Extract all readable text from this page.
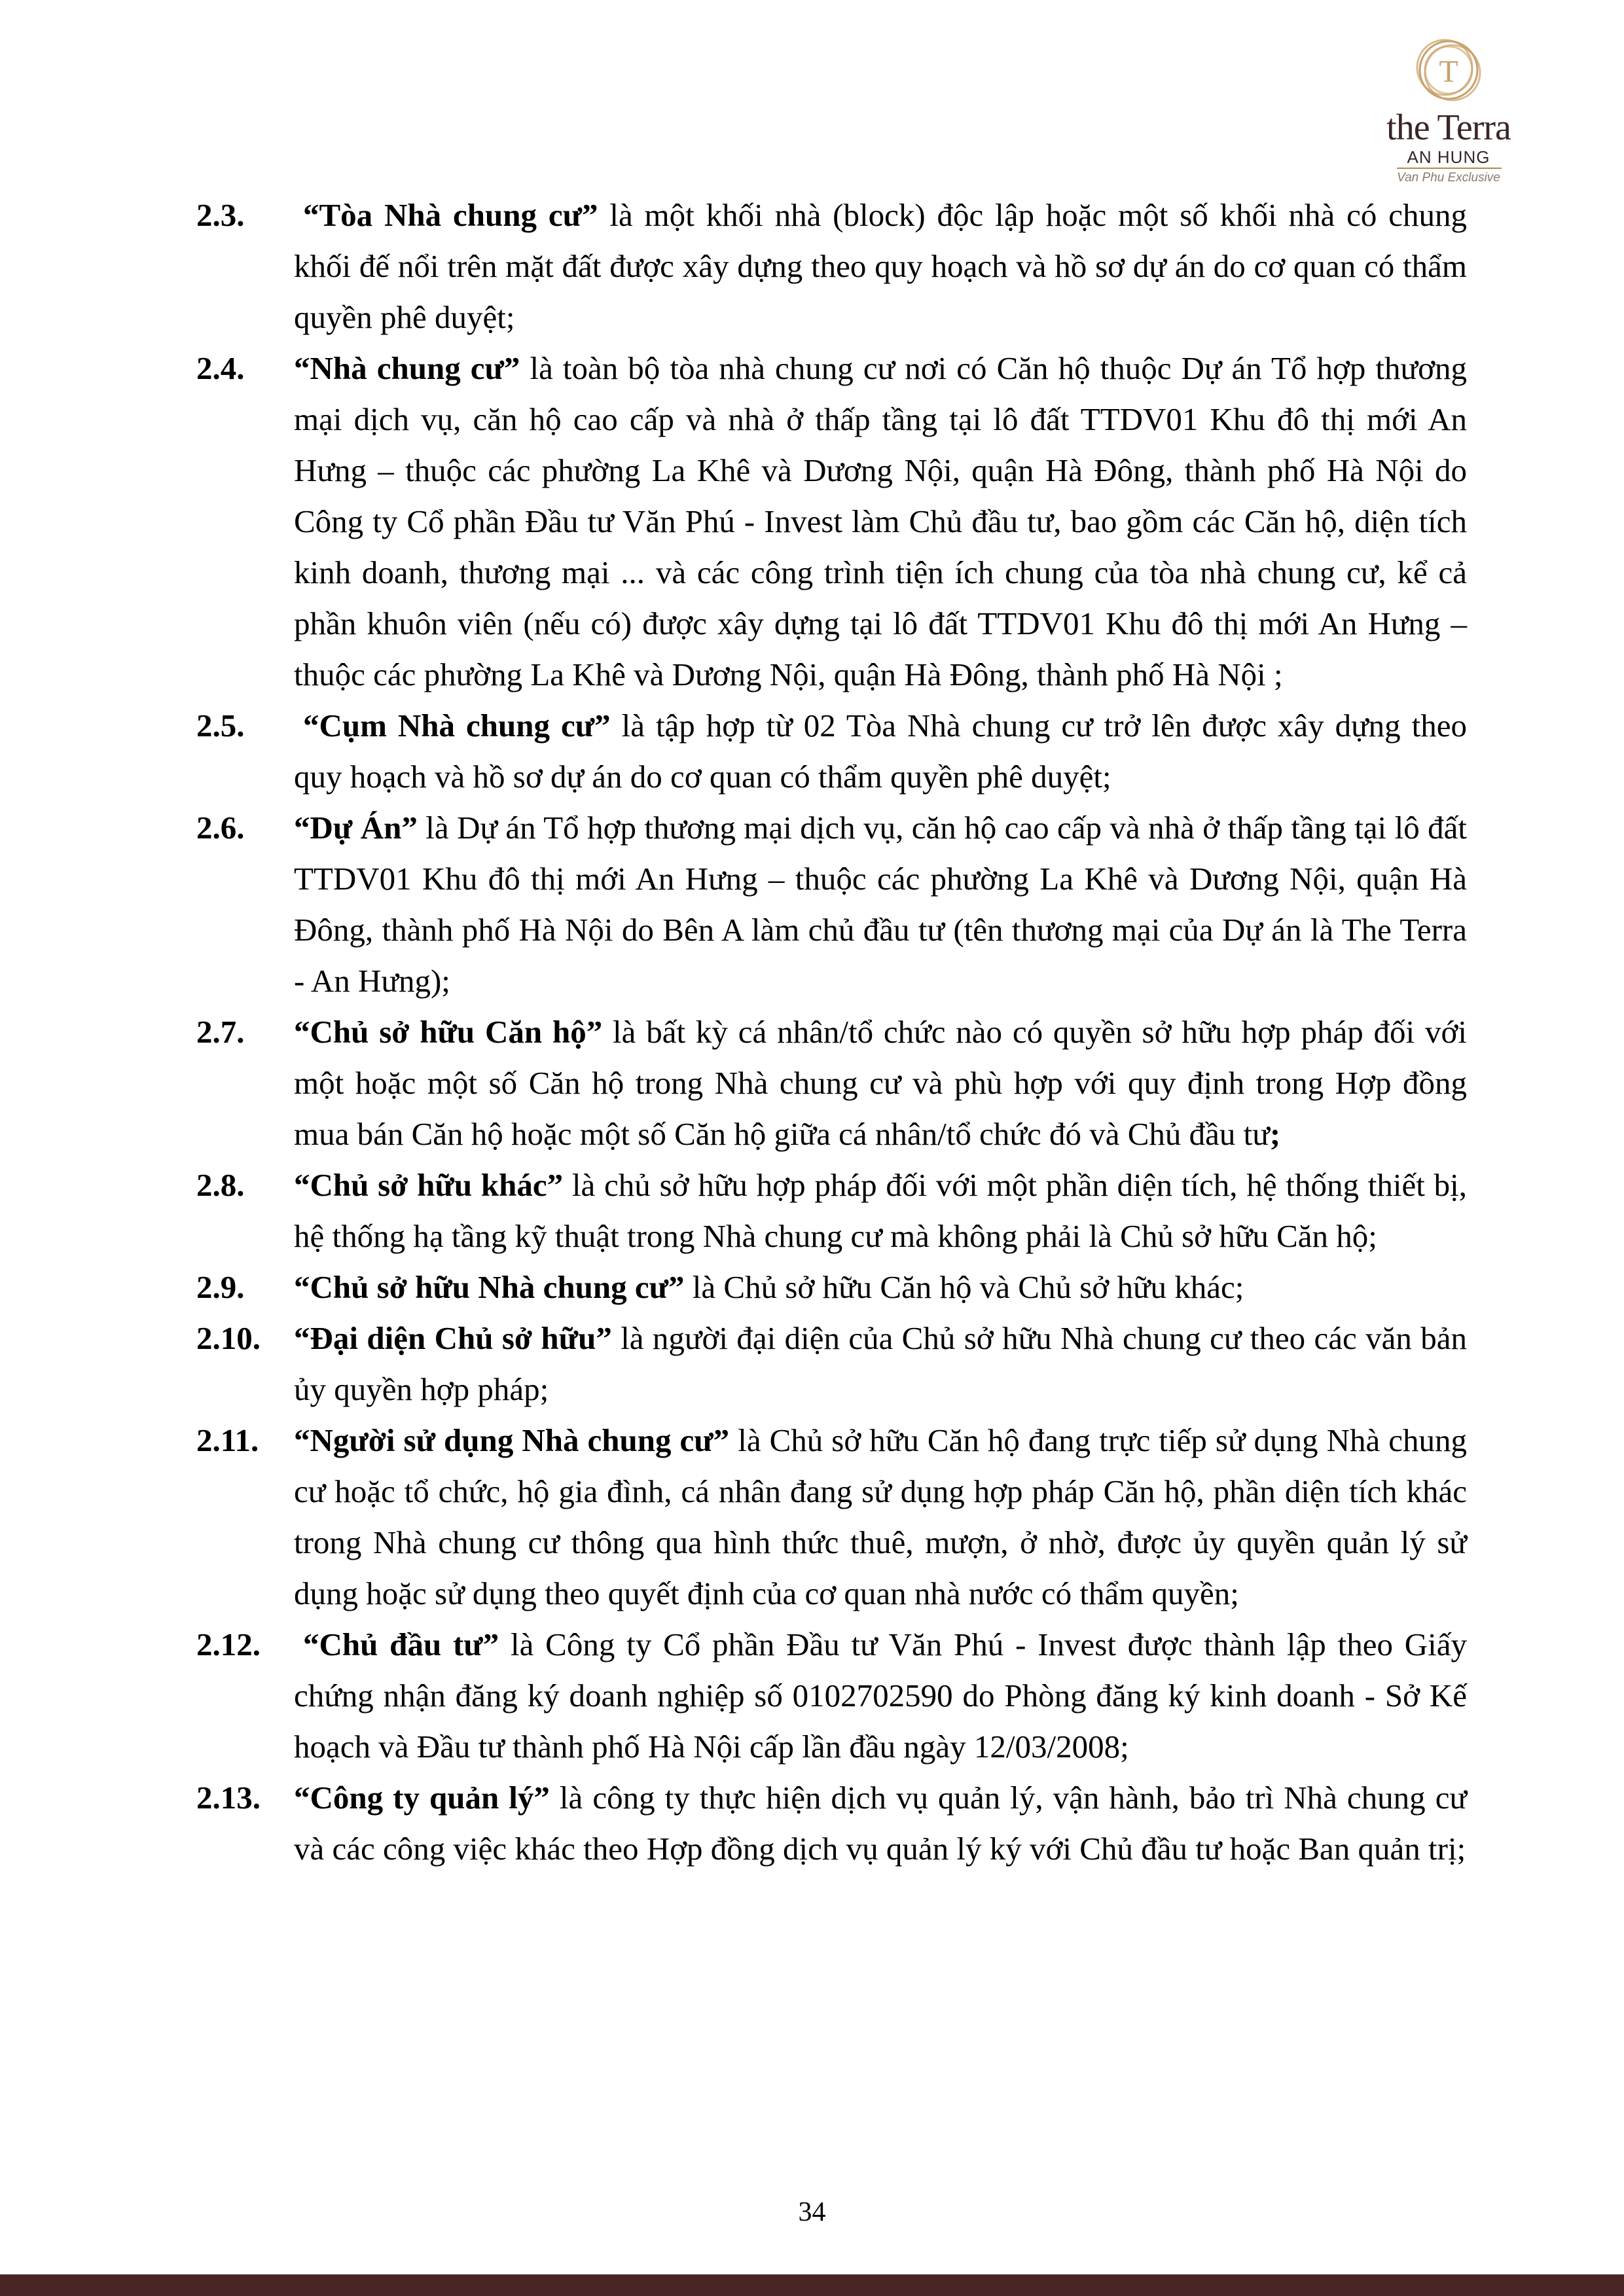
T
the Terra
AN HUNG
Van Phu Exclusive
2.3. “Tòa Nhà chung cư” là một khối nhà (block) độc lập hoặc một số khối nhà có chung khối đế nổi trên mặt đất được xây dựng theo quy hoạch và hồ sơ dự án do cơ quan có thẩm quyền phê duyệt;
2.4. “Nhà chung cư” là toàn bộ tòa nhà chung cư nơi có Căn hộ thuộc Dự án Tổ hợp thương mại dịch vụ, căn hộ cao cấp và nhà ở thấp tầng tại lô đất TTDV01 Khu đô thị mới An Hưng – thuộc các phường La Khê và Dương Nội, quận Hà Đông, thành phố Hà Nội do Công ty Cổ phần Đầu tư Văn Phú - Invest làm Chủ đầu tư, bao gồm các Căn hộ, diện tích kinh doanh, thương mại ... và các công trình tiện ích chung của tòa nhà chung cư, kể cả phần khuôn viên (nếu có) được xây dựng tại lô đất TTDV01 Khu đô thị mới An Hưng – thuộc các phường La Khê và Dương Nội, quận Hà Đông, thành phố Hà Nội ;
2.5. “Cụm Nhà chung cư” là tập hợp từ 02 Tòa Nhà chung cư trở lên được xây dựng theo quy hoạch và hồ sơ dự án do cơ quan có thẩm quyền phê duyệt;
2.6. “Dự Án” là Dự án Tổ hợp thương mại dịch vụ, căn hộ cao cấp và nhà ở thấp tầng tại lô đất TTDV01 Khu đô thị mới An Hưng – thuộc các phường La Khê và Dương Nội, quận Hà Đông, thành phố Hà Nội do Bên A làm chủ đầu tư (tên thương mại của Dự án là The Terra - An Hưng);
2.7. “Chủ sở hữu Căn hộ” là bất kỳ cá nhân/tổ chức nào có quyền sở hữu hợp pháp đối với một hoặc một số Căn hộ trong Nhà chung cư và phù hợp với quy định trong Hợp đồng mua bán Căn hộ hoặc một số Căn hộ giữa cá nhân/tổ chức đó và Chủ đầu tư;
2.8. “Chủ sở hữu khác” là chủ sở hữu hợp pháp đối với một phần diện tích, hệ thống thiết bị, hệ thống hạ tầng kỹ thuật trong Nhà chung cư mà không phải là Chủ sở hữu Căn hộ;
2.9. “Chủ sở hữu Nhà chung cư” là Chủ sở hữu Căn hộ và Chủ sở hữu khác;
2.10. “Đại diện Chủ sở hữu” là người đại diện của Chủ sở hữu Nhà chung cư theo các văn bản ủy quyền hợp pháp;
2.11. “Người sử dụng Nhà chung cư” là Chủ sở hữu Căn hộ đang trực tiếp sử dụng Nhà chung cư hoặc tổ chức, hộ gia đình, cá nhân đang sử dụng hợp pháp Căn hộ, phần diện tích khác trong Nhà chung cư thông qua hình thức thuê, mượn, ở nhờ, được ủy quyền quản lý sử dụng hoặc sử dụng theo quyết định của cơ quan nhà nước có thẩm quyền;
2.12. “Chủ đầu tư” là Công ty Cổ phần Đầu tư Văn Phú - Invest được thành lập theo Giấy chứng nhận đăng ký doanh nghiệp số 0102702590 do Phòng đăng ký kinh doanh - Sở Kế hoạch và Đầu tư thành phố Hà Nội cấp lần đầu ngày 12/03/2008;
2.13. “Công ty quản lý” là công ty thực hiện dịch vụ quản lý, vận hành, bảo trì Nhà chung cư và các công việc khác theo Hợp đồng dịch vụ quản lý ký với Chủ đầu tư hoặc Ban quản trị;
34
